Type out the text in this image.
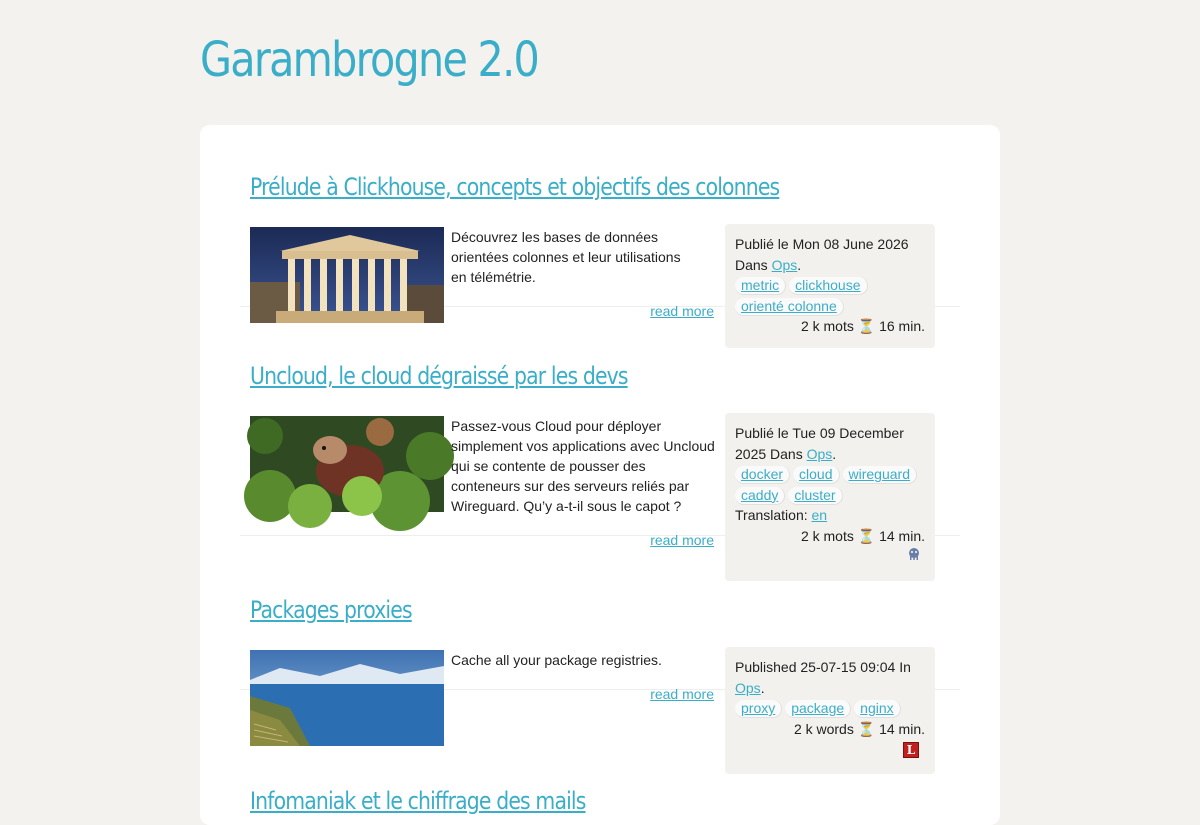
Garambrogne 2.0
Prélude à Clickhouse, concepts et objectifs des colonnes
Découvrez les bases de données
orientées colonnes et leur utilisations
en télémétrie.
read more
Publié le Mon 08 June 2026
Dans Ops.
metric clickhouse
orienté colonne
2 k mots ⏳ 16 min.
Uncloud, le cloud dégraissé par les devs
Passez-vous Cloud pour déployer
simplement vos applications avec Uncloud
qui se contente de pousser des
conteneurs sur des serveurs reliés par
Wireguard. Qu’y a-t-il sous le capot ?
read more
Publié le Tue 09 December
2025 Dans Ops.
docker cloud wireguard
caddy cluster
Translation: en
2 k mots ⏳ 14 min.
Packages proxies
Cache all your package registries.
read more
Published 25-07-15 09:04 In
Ops.
proxy package nginx
2 k words ⏳ 14 min.
L
Infomaniak et le chiffrage des mails
